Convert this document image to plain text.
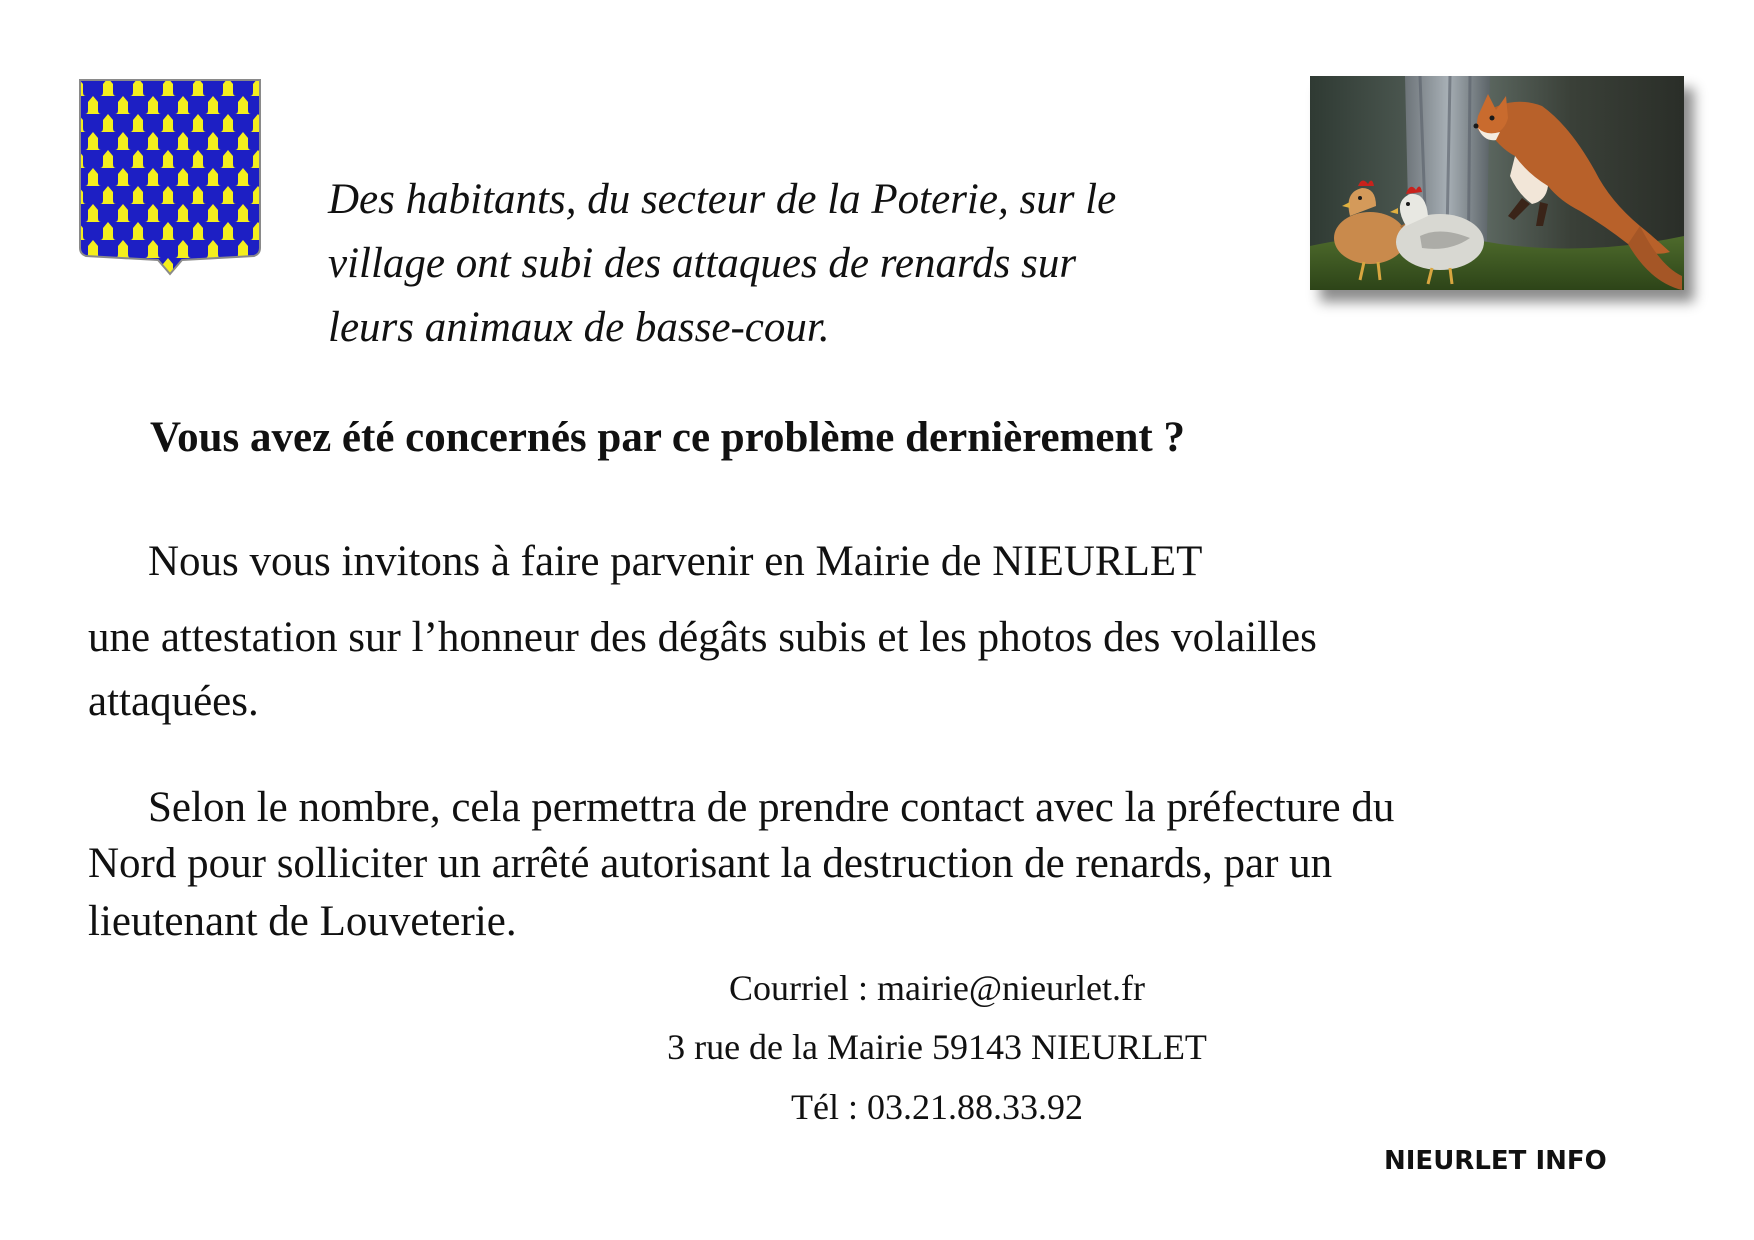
Des habitants, du secteur de la Poterie, sur le
village ont subi des attaques de renards sur
leurs animaux de basse-cour.

Vous avez été concernés par ce problème dernièrement ?

Nous vous invitons à faire parvenir en Mairie de NIEURLET

une attestation sur l’honneur des dégâts subis et les photos des volailles

attaquées.

Selon le nombre, cela permettra de prendre contact avec la préfecture du

Nord pour solliciter un arrêté autorisant la destruction de renards, par un

lieutenant de Louveterie.

Courriel : mairie@nieurlet.fr

3 rue de la Mairie 59143 NIEURLET

Tél : 03.21.88.33.92

NIEURLET INFO
